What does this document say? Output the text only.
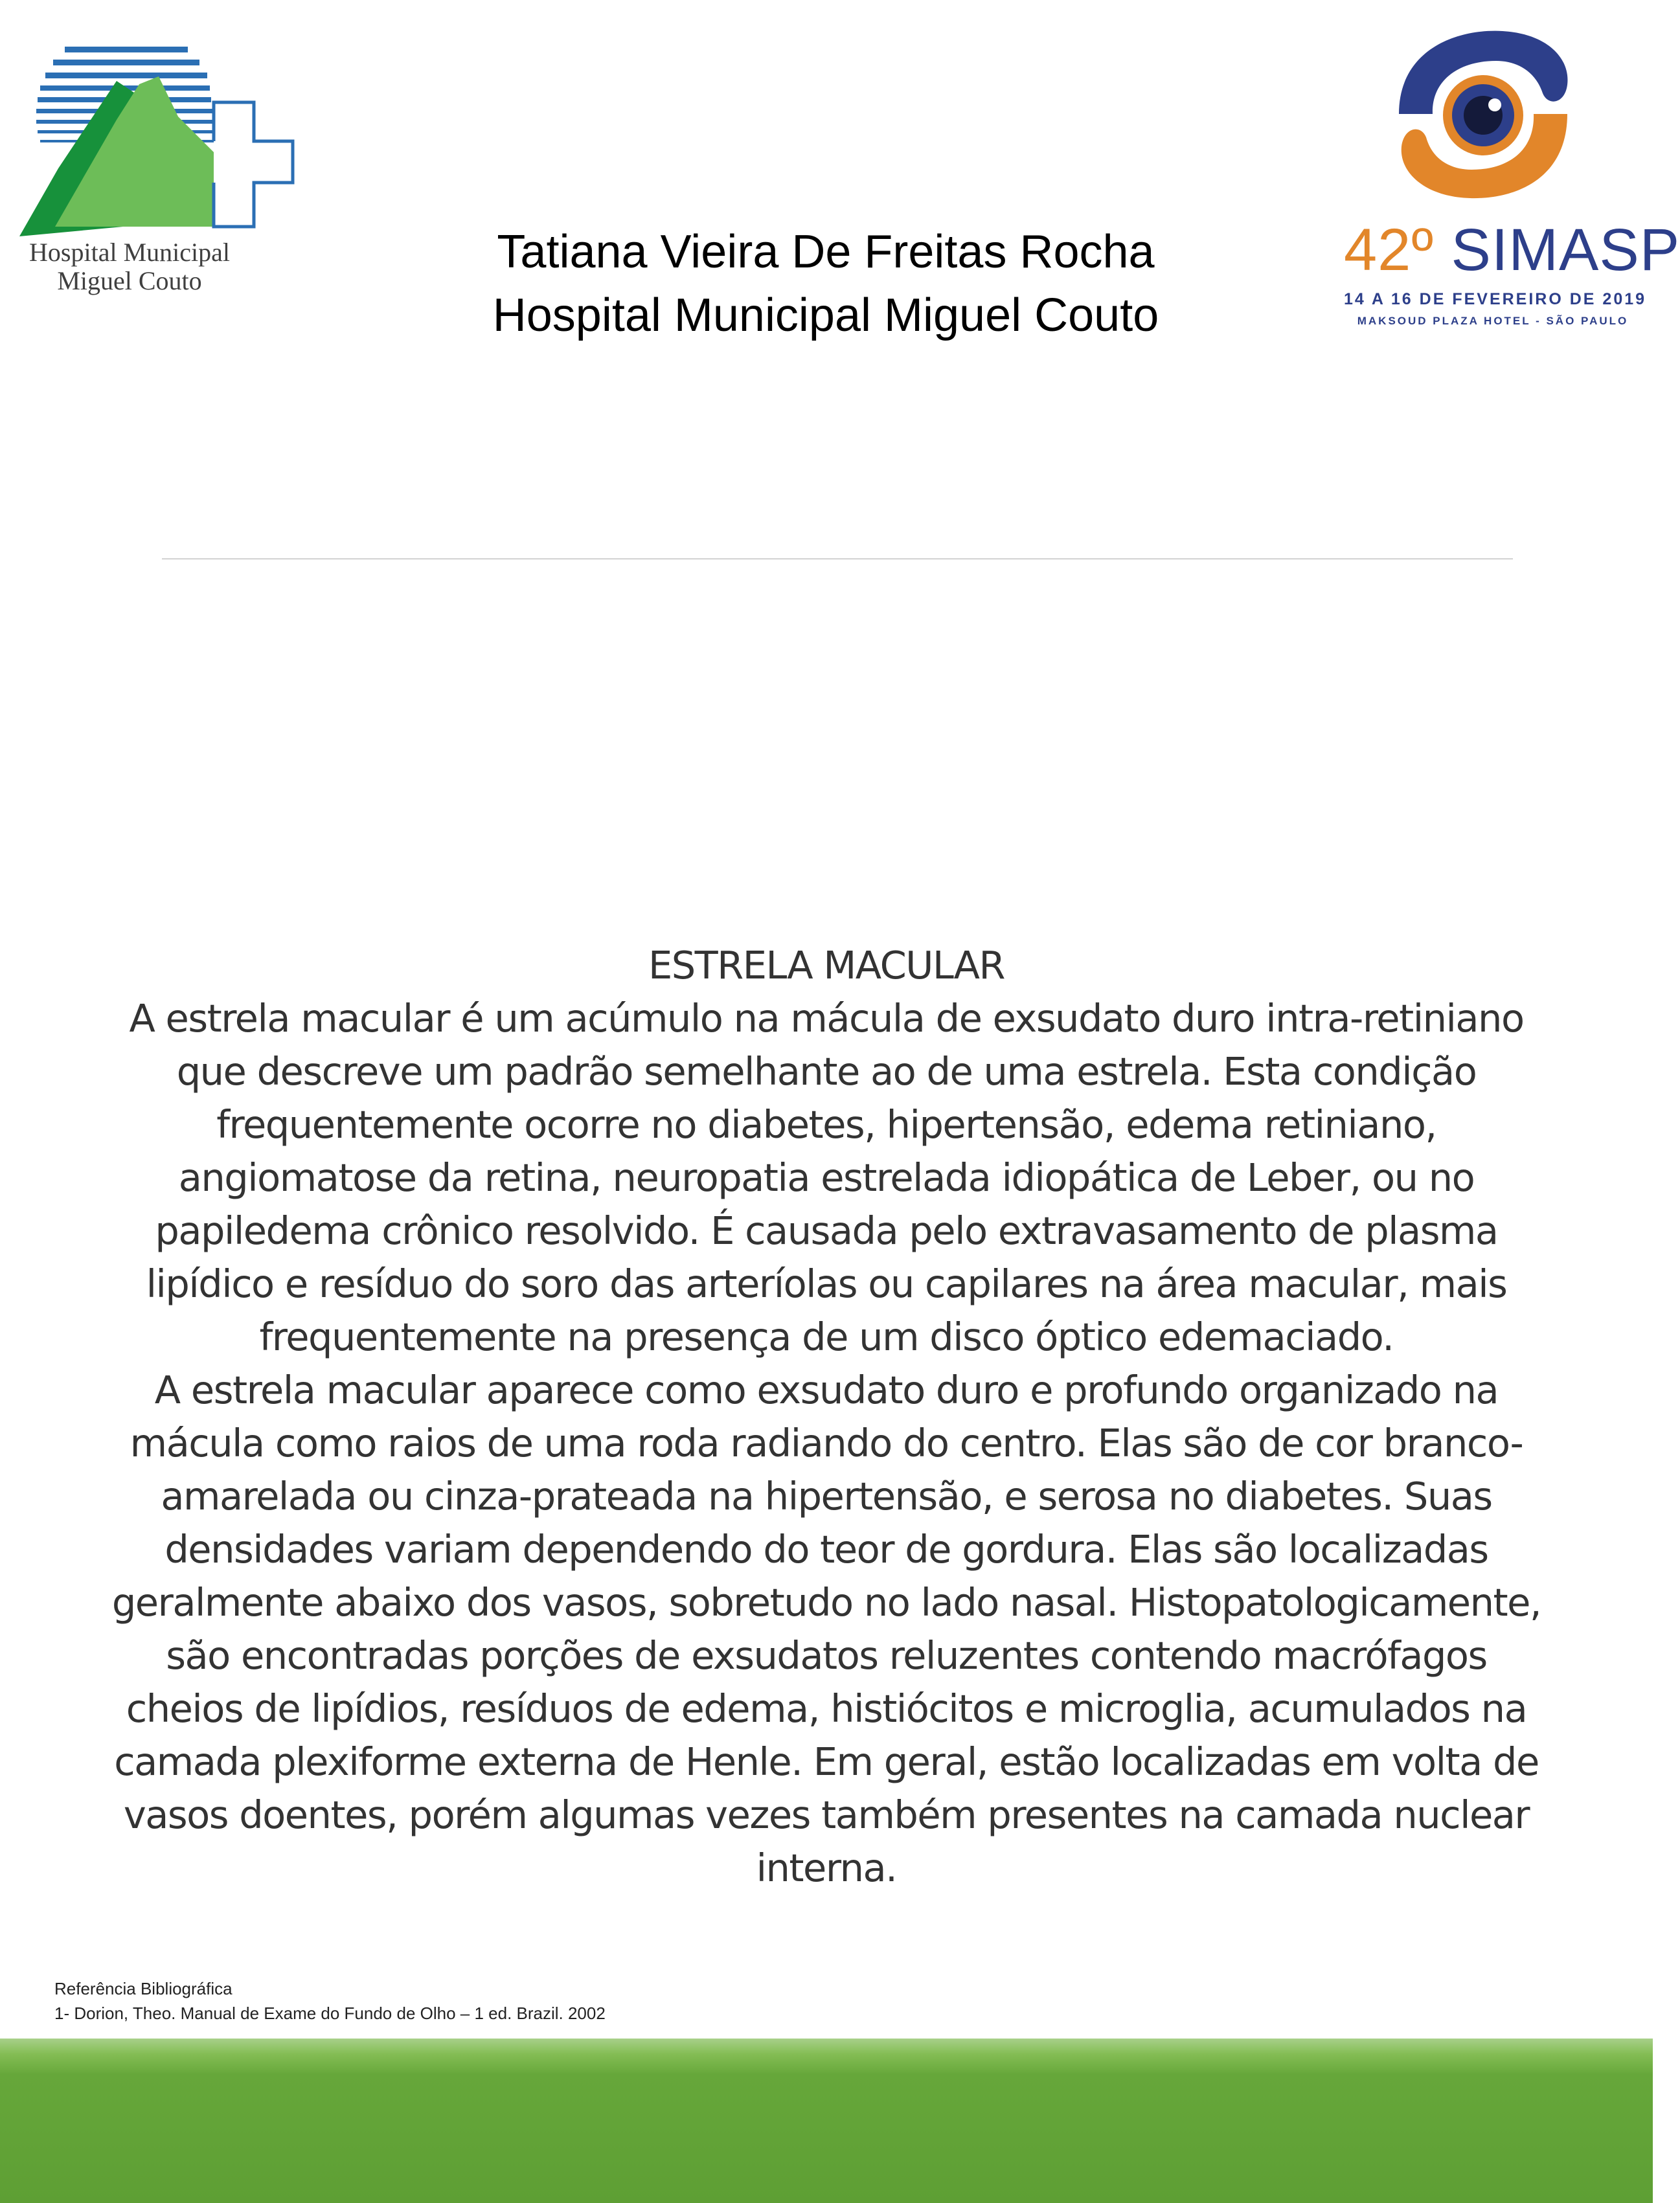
Hospital Municipal
Miguel Couto
Tatiana Vieira De Freitas Rocha
Hospital Municipal Miguel Couto
42º SIMASP
14 A 16 DE FEVEREIRO DE 2019
MAKSOUD PLAZA HOTEL - SÃO PAULO
ESTRELA MACULAR

A estrela macular é um acúmulo na mácula de exsudato duro intra-retiniano que descreve um padrão semelhante ao de uma estrela. Esta condição frequentemente ocorre no diabetes, hipertensão, edema retiniano, angiomatose da retina, neuropatia estrelada idiopática de Leber, ou no papiledema crônico resolvido. É causada pelo extravasamento de plasma lipídico e resíduo do soro das arteríolas ou capilares na área macular, mais frequentemente na presença de um disco óptico edemaciado.

A estrela macular aparece como exsudato duro e profundo organizado na mácula como raios de uma roda radiando do centro. Elas são de cor branco-amarelada ou cinza-prateada na hipertensão, e serosa no diabetes. Suas densidades variam dependendo do teor de gordura. Elas são localizadas geralmente abaixo dos vasos, sobretudo no lado nasal. Histopatologicamente, são encontradas porções de exsudatos reluzentes contendo macrófagos cheios de lipídios, resíduos de edema, histiócitos e microglia, acumulados na camada plexiforme externa de Henle. Em geral, estão localizadas em volta de vasos doentes, porém algumas vezes também presentes na camada nuclear interna.

Referência Bibliográfica
1- Dorion, Theo. Manual de Exame do Fundo de Olho – 1 ed. Brazil. 2002
